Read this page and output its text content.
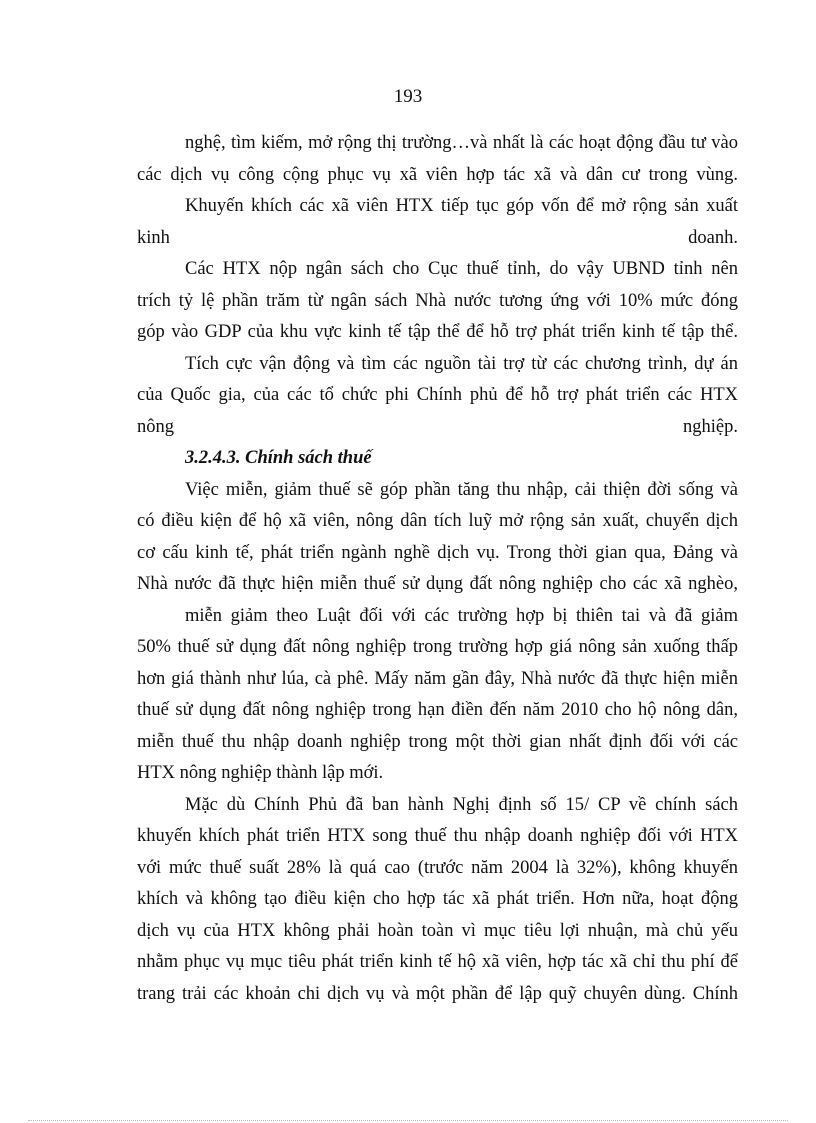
193
nghệ, tìm kiếm, mở rộng thị trường…và nhất là các hoạt động đầu tư vào
các dịch vụ công cộng phục vụ xã viên hợp tác xã và dân cư trong vùng.
Khuyến khích các xã viên HTX tiếp tục góp vốn để mở rộng sản xuất
kinh	doanh.
Các HTX nộp ngân sách cho Cục thuế tỉnh, do vậy UBND tỉnh nên
trích tỷ lệ phần trăm từ ngân sách Nhà nước tương ứng với 10% mức đóng
góp vào GDP của khu vực kinh tế tập thể để hỗ trợ phát triển kinh tế tập thể.
Tích cực vận động và tìm các nguồn tài trợ từ các chương trình, dự án
của Quốc gia, của các tổ chức phi Chính phủ để hỗ trợ phát triển các HTX
nông	nghiệp.
3.2.4.3. Chính sách thuế
Việc miễn, giảm thuế sẽ góp phần tăng thu nhập, cải thiện đời sống và
có điều kiện để hộ xã viên, nông dân tích luỹ mở rộng sản xuất, chuyển dịch
cơ cấu kinh tế, phát triển ngành nghề dịch vụ. Trong thời gian qua, Đảng và
Nhà nước đã thực hiện miễn thuế sử dụng đất nông nghiệp cho các xã nghèo,
miễn giảm theo Luật đối với các trường hợp bị thiên tai và đã giảm
50% thuế sử dụng đất nông nghiệp trong trường hợp giá nông sản xuống thấp
hơn giá thành như lúa, cà phê. Mấy năm gần đây, Nhà nước đã thực hiện miễn
thuế sử dụng đất nông nghiệp trong hạn điền đến năm 2010 cho hộ nông dân,
miễn thuế thu nhập doanh nghiệp trong một thời gian nhất định đối với các
HTX nông nghiệp thành lập mới.
Mặc dù Chính Phủ đã ban hành Nghị định số 15/ CP về chính sách
khuyến khích phát triển HTX song thuế thu nhập doanh nghiệp đối với HTX
với mức thuế suất 28% là quá cao (trước năm 2004 là 32%), không khuyến
khích và không tạo điều kiện cho hợp tác xã phát triển. Hơn nữa, hoạt động
dịch vụ của HTX không phải hoàn toàn vì mục tiêu lợi nhuận, mà chủ yếu
nhằm phục vụ mục tiêu phát triển kinh tế hộ xã viên, hợp tác xã chỉ thu phí để
trang trải các khoản chi dịch vụ và một phần để lập quỹ chuyên dùng. Chính
